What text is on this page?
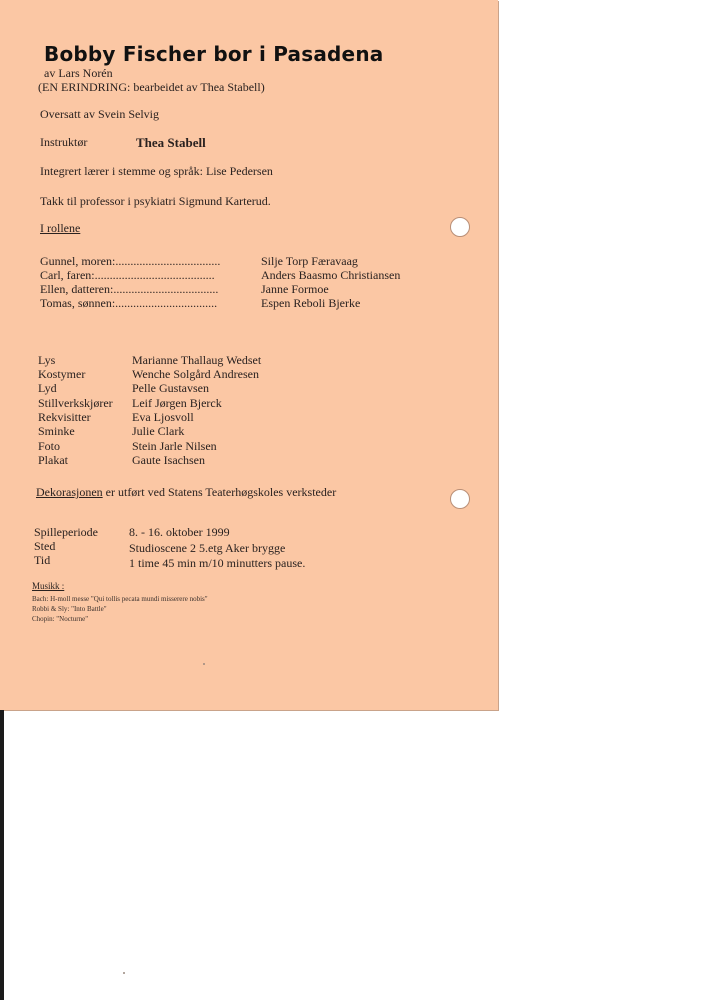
Bobby Fischer bor i Pasadena
av Lars Norén
(EN ERINDRING: bearbeidet av Thea Stabell)
Oversatt av Svein Selvig
Instruktør	Thea Stabell
Integrert lærer i stemme og språk: Lise Pedersen
Takk til professor i psykiatri Sigmund Karterud.
I rollene
Gunnel, moren:...................................	Silje Torp Færavaag
Carl, faren:........................................	Anders Baasmo Christiansen
Ellen, datteren:...................................	Janne Formoe
Tomas, sønnen:..................................	Espen Reboli Bjerke
Lys	Marianne Thallaug Wedset
Kostymer	Wenche Solgård Andresen
Lyd	Pelle Gustavsen
Stillverkskjører Leif Jørgen Bjerck
Rekvisitter	Eva Ljosvoll
Sminke	Julie Clark
Foto	Stein Jarle Nilsen
Plakat	Gaute Isachsen
Dekorasjonen er utført ved Statens Teaterhøgskoles verksteder
Spilleperiode	8. - 16. oktober 1999
Sted	Studioscene 2 5.etg Aker brygge
Tid	1 time 45 min m/10 minutters pause.
Musikk :
Bach: H-moll messe "Qui tollis pecata mundi misserere nobis"
Robbi & Sly: "Into Battle"
Chopin: "Nocturne"
